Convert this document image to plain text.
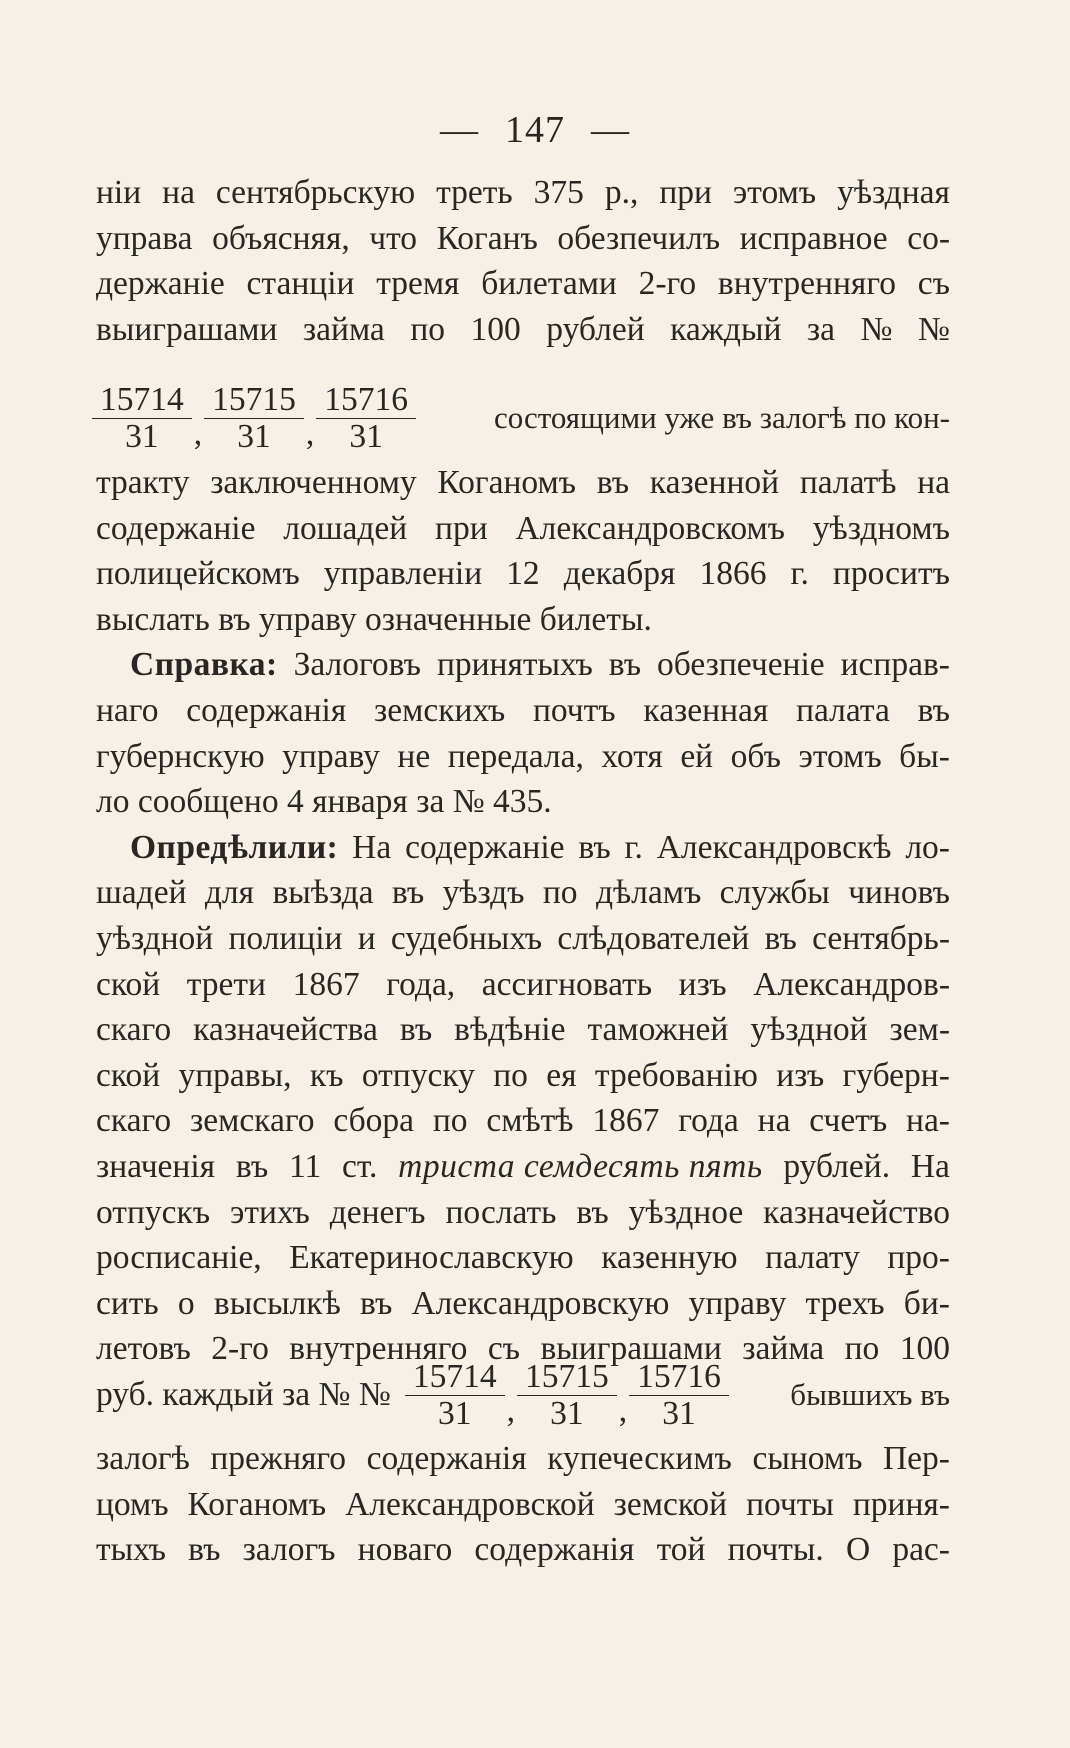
— 147 —
ніи на сентябрьскую треть 375 р., при этомъ уѣздная
управа объясняя, что Коганъ обезпечилъ исправное со-
держаніе станціи тремя билетами 2-го внутренняго съ
выиграшами займа по 100 рублей каждый за № №
$\frac{15714}{31}$ , $\frac{15715}{31}$ , $\frac{15716}{31}$	состоящими уже въ залогѣ по кон-
тракту заключенному Коганомъ въ казенной палатѣ на
содержаніе лошадей при Александровскомъ уѣздномъ
полицейскомъ управленіи 12 декабря 1866 г. проситъ
выслать въ управу означенные билеты.
Справка: Залоговъ принятыхъ въ обезпеченіе исправ-
наго содержанія земскихъ почтъ казенная палата въ
губернскую управу не передала, хотя ей объ этомъ бы-
ло сообщено 4 января за № 435.
Опредѣлили: На содержаніе въ г. Александровскѣ ло-
шадей для выѣзда въ уѣздъ по дѣламъ службы чиновъ
уѣздной полиціи и судебныхъ слѣдователей въ сентябрь-
ской трети 1867 года, ассигновать изъ Александров-
скаго казначейства въ вѣдѣніе таможней уѣздной зем-
ской управы, къ отпуску по ея требованію изъ губерн-
скаго земскаго сбора по смѣтѣ 1867 года на счетъ на-
значенія въ 11 ст. триста семдесять пять рублей. На
отпускъ этихъ денегъ послать въ уѣздное казначейство
росписаніе, Екатеринославскую казенную палату про-
сить о высылкѣ въ Александровскую управу трехъ би-
летовъ 2-го внутренняго съ выиграшами займа по 100
руб. каждый за № № $\frac{15714}{31}$ , $\frac{15715}{31}$ , $\frac{15716}{31}$ бывшихъ въ
залогѣ прежняго содержанія купеческимъ сыномъ Пер-
цомъ Коганомъ Александровской земской почты приня-
тыхъ въ залогъ новаго содержанія той почты. О рас-
